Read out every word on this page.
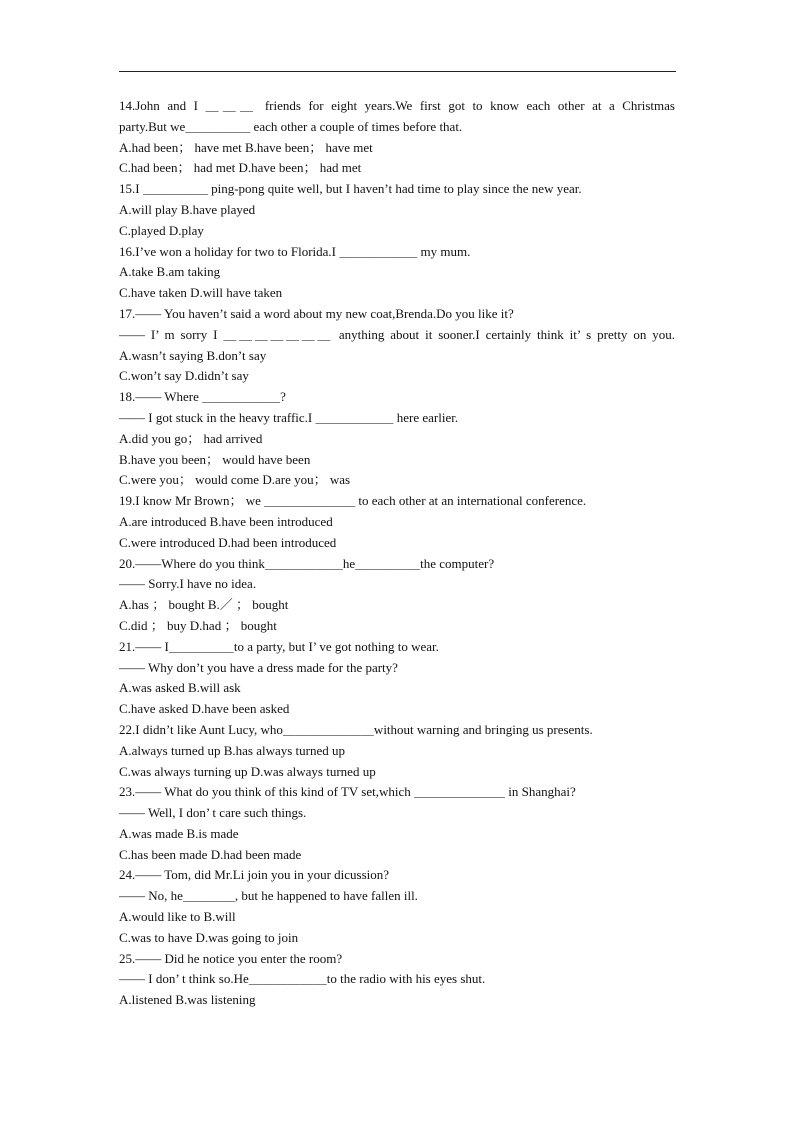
14.John and I ＿＿＿ friends for eight years.We first got to know each other at a Christmas
party.But we＿＿＿＿＿ each other a couple of times before that.
A.had been； have met B.have been； have met
C.had been； had met D.have been； had met
15.I ＿＿＿＿＿ ping-pong quite well, but I haven’t had time to play since the new year.
A.will play B.have played
C.played D.play
16.I’ve won a holiday for two to Florida.I ＿＿＿＿＿＿ my mum.
A.take B.am taking
C.have taken D.will have taken
17.—— You haven’t said a word about my new coat,Brenda.Do you like it?
—— I’ m sorry I ＿＿＿＿＿＿＿ anything about it sooner.I certainly think it’ s pretty on you.
A.wasn’t saying B.don’t say
C.won’t say D.didn’t say
18.—— Where ＿＿＿＿＿＿?
—— I got stuck in the heavy traffic.I ＿＿＿＿＿＿ here earlier.
A.did you go； had arrived
B.have you been； would have been
C.were you； would come D.are you； was
19.I know Mr Brown； we ＿＿＿＿＿＿＿ to each other at an international conference.
A.are introduced B.have been introduced
C.were introduced D.had been introduced
20.——Where do you think＿＿＿＿＿＿he＿＿＿＿＿the computer?
—— Sorry.I have no idea.
A.has ； bought B.／ ； bought
C.did ； buy D.had ； bought
21.—— I＿＿＿＿＿to a party, but I’ ve got nothing to wear.
—— Why don’t you have a dress made for the party?
A.was asked B.will ask
C.have asked D.have been asked
22.I didn’t like Aunt Lucy, who＿＿＿＿＿＿＿without warning and bringing us presents.
A.always turned up B.has always turned up
C.was always turning up D.was always turned up
23.—— What do you think of this kind of TV set,which ＿＿＿＿＿＿＿ in Shanghai?
—— Well, I don’ t care such things.
A.was made B.is made
C.has been made D.had been made
24.—— Tom, did Mr.Li join you in your dicussion?
—— No, he＿＿＿＿, but he happened to have fallen ill.
A.would like to B.will
C.was to have D.was going to join
25.—— Did he notice you enter the room?
—— I don’ t think so.He＿＿＿＿＿＿to the radio with his eyes shut.
A.listened B.was listening
